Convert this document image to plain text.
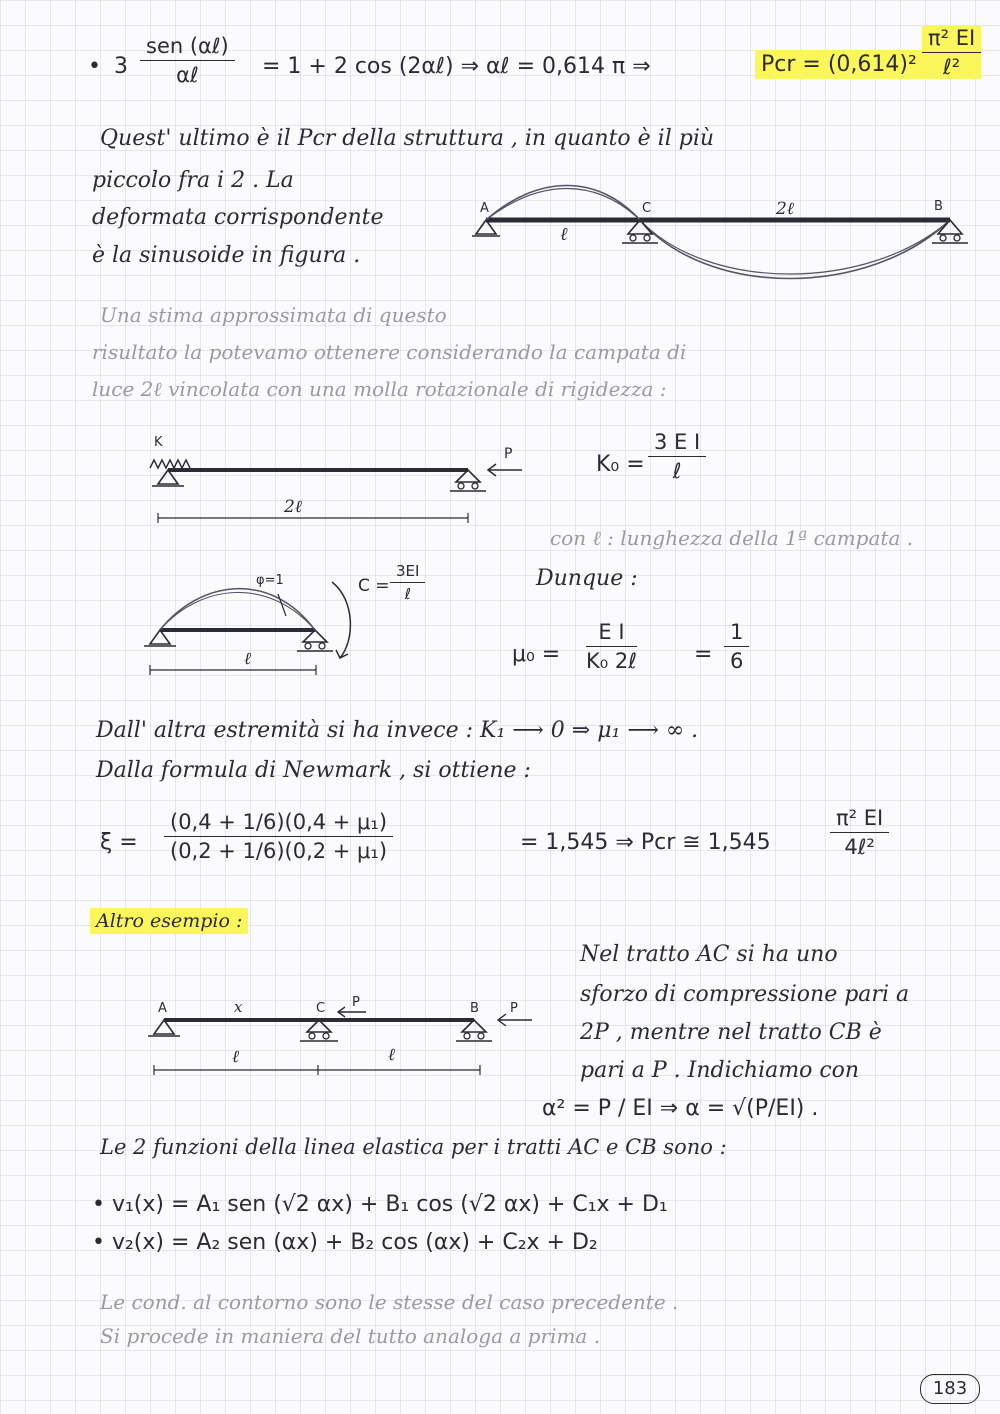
• 3
sen (αℓ)
αℓ	= 1 + 2 cos (2αℓ) ⇒ αℓ = 0,614 π ⇒	Pcr = (0,614)²
π² EI
ℓ²
Quest' ultimo è il Pcr della struttura , in quanto è il più
piccolo fra i 2 . La
deformata corrispondente
è la sinusoide in figura .
A	C	B
ℓ
2ℓ
Una stima approssimata di questo
risultato la potevamo ottenere considerando la campata di
luce 2ℓ vincolata con una molla rotazionale di rigidezza :
K
P
2ℓ
K₀ =
3 E I
ℓ
con ℓ : lunghezza della 1ª campata .
φ=1
ℓ
C =
3EI
ℓ
Dunque :
μ₀ =
E I
K₀ 2ℓ	= $\frac{1}{6}$
Dall' altra estremità si ha invece : K₁ ⟶ 0 ⇒ μ₁ ⟶ ∞ .
Dalla formula di Newmark , si ottiene :
$\xi = \frac{\text{(0,4 + 1/6)(0,4 + μ₁)}}{\text{(0,2 + 1/6)(0,2 + μ₁)}}$	= 1,545 ⇒ Pcr ≅ 1,545
π² EI
4ℓ²
Altro esempio :
A	x	C P	B P
ℓ	ℓ
Nel tratto AC si ha uno
sforzo di compressione pari a
2P , mentre nel tratto CB è
pari a P . Indichiamo con
α² = P / EI ⇒ α = √(P/EI) .
Le 2 funzioni della linea elastica per i tratti AC e CB sono :
• v₁(x) = A₁ sen (√2 αx) + B₁ cos (√2 αx) + C₁x + D₁
• v₂(x) = A₂ sen (αx) + B₂ cos (αx) + C₂x + D₂
Le cond. al contorno sono le stesse del caso precedente .
Si procede in maniera del tutto analoga a prima .
183
